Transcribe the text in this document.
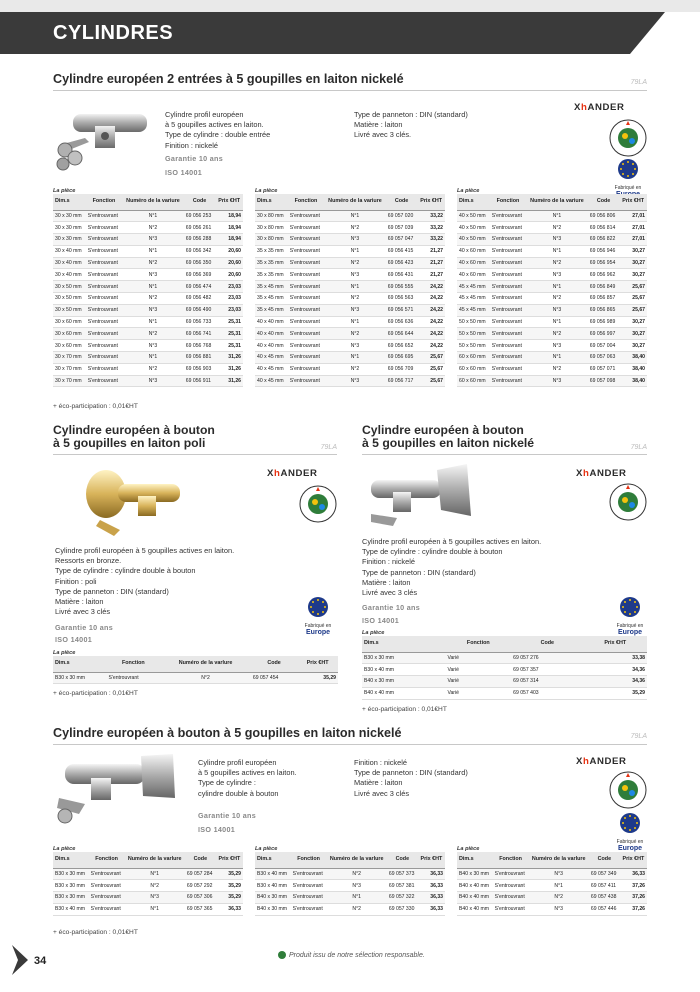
CYLINDRES
Cylindre européen 2 entrées à 5 goupilles en laiton nickelé	79LA
Cylindre profil européen
à 5 goupilles actives en laiton.
Type de cylindre : double entrée
Finition : nickelé
Garantie 10 ans
ISO 14001
Type de panneton : DIN (standard)
Matière : laiton
Livré avec 3 clés.
XhANDER
Fabriqué en
La pièce
Dim.s	Fonction	Numéro de la variure	Code	Prix €HT
30 x 30 mm	S'entrouvrant	N°1	69 056 253	18,94
30 x 30 mm	S'entrouvrant	N°2	69 056 261	18,94
30 x 30 mm	S'entrouvrant	N°3	69 056 288	18,94
30 x 40 mm	S'entrouvrant	N°1	69 056 342	20,60
30 x 40 mm	S'entrouvrant	N°2	69 056 350	20,60
30 x 40 mm	S'entrouvrant	N°3	69 056 369	20,60
30 x 50 mm	S'entrouvrant	N°1	69 056 474	23,03
30 x 50 mm	S'entrouvrant	N°2	69 056 482	23,03
30 x 50 mm	S'entrouvrant	N°3	69 056 490	23,03
30 x 60 mm	S'entrouvrant	N°1	69 056 733	25,31
30 x 60 mm	S'entrouvrant	N°2	69 056 741	25,31
30 x 60 mm	S'entrouvrant	N°3	69 056 768	25,31
30 x 70 mm	S'entrouvrant	N°1	69 056 881	31,26
30 x 70 mm	S'entrouvrant	N°2	69 056 903	31,26
30 x 70 mm	S'entrouvrant	N°3	69 056 911	31,26
La pièce
Dim.s	Fonction	Numéro de la variure	Code	Prix €HT
30 x 80 mm	S'entrouvrant	N°1	69 057 020	33,22
30 x 80 mm	S'entrouvrant	N°2	69 057 039	33,22
30 x 80 mm	S'entrouvrant	N°3	69 057 047	33,22
35 x 35 mm	S'entrouvrant	N°1	69 056 415	21,27
35 x 35 mm	S'entrouvrant	N°2	69 056 423	21,27
35 x 35 mm	S'entrouvrant	N°3	69 056 431	21,27
35 x 45 mm	S'entrouvrant	N°1	69 056 555	24,22
35 x 45 mm	S'entrouvrant	N°2	69 056 563	24,22
35 x 45 mm	S'entrouvrant	N°3	69 056 571	24,22
40 x 40 mm	S'entrouvrant	N°1	69 056 636	24,22
40 x 40 mm	S'entrouvrant	N°2	69 056 644	24,22
40 x 40 mm	S'entrouvrant	N°3	69 056 652	24,22
40 x 45 mm	S'entrouvrant	N°1	69 056 695	25,67
40 x 45 mm	S'entrouvrant	N°2	69 056 709	25,67
40 x 45 mm	S'entrouvrant	N°3	69 056 717	25,67
La pièce
Dim.s	Fonction	Numéro de la variure	Code	Prix €HT
40 x 50 mm	S'entrouvrant	N°1	69 056 806	27,01
40 x 50 mm	S'entrouvrant	N°2	69 056 814	27,01
40 x 50 mm	S'entrouvrant	N°3	69 056 822	27,01
40 x 60 mm	S'entrouvrant	N°1	69 056 946	30,27
40 x 60 mm	S'entrouvrant	N°2	69 056 954	30,27
40 x 60 mm	S'entrouvrant	N°3	69 056 962	30,27
45 x 45 mm	S'entrouvrant	N°1	69 056 849	25,67
45 x 45 mm	S'entrouvrant	N°2	69 056 857	25,67
45 x 45 mm	S'entrouvrant	N°3	69 056 865	25,67
50 x 50 mm	S'entrouvrant	N°1	69 056 989	30,27
50 x 50 mm	S'entrouvrant	N°2	69 056 997	30,27
50 x 50 mm	S'entrouvrant	N°3	69 057 004	30,27
60 x 60 mm	S'entrouvrant	N°1	69 057 063	38,40
60 x 60 mm	S'entrouvrant	N°2	69 057 071	38,40
60 x 60 mm	S'entrouvrant	N°3	69 057 098	38,40
+ éco-participation : 0,01€HT
Cylindre européen à bouton
à 5 goupilles en laiton poli	79LA
XhANDER
Cylindre profil européen à 5 goupilles actives en laiton.
Ressorts en bronze.
Type de cylindre : cylindre double à bouton
Finition : poli
Type de panneton : DIN (standard)
Matière : laiton
Livré avec 3 clés
Garantie 10 ans
ISO 14001
Fabriqué en
Europe
La pièce
Dim.s	Fonction	Numéro de la varlure	Code	Prix €HT
B30 x 30 mm	S'entrouvrant	N°2	69 057 454	35,29
+ éco-participation : 0,01€HT
Cylindre européen à bouton
à 5 goupilles en laiton nickelé	79LA
XhANDER
Cylindre profil européen à 5 goupilles actives en laiton.
Type de cylindre : cylindre double à bouton
Finition : nickelé
Type de panneton : DIN (standard)
Matière : laiton
Livré avec 3 clés
Garantie 10 ans
ISO 14001
Fabriqué en
Europe
La pièce
Dim.s	Fonction	Code	Prix €HT
B30 x 30 mm	Varié	69 057 276	33,38
B30 x 40 mm	Varié	69 057 357	34,36
B40 x 30 mm	Varié	69 057 314	34,36
B40 x 40 mm	Varié	69 057 403	35,29
+ éco-participation : 0,01€HT
Cylindre européen à bouton à 5 goupilles en laiton nickelé	79LA
Cylindre profil européen
à 5 goupilles actives en laiton.
Type de cylindre :
cylindre double à bouton
Garantie 10 ans
ISO 14001
Finition : nickelé
Type de panneton : DIN (standard)
Matière : laiton
Livré avec 3 clés
XhANDER
Fabriqué en
Europe
La pièce
Dim.s	Fonction	Numéro de la varlure	Code	Prix €HT
B30 x 30 mm	S'entrouvrant	N°1	69 057 284	35,29
B30 x 30 mm	S'entrouvrant	N°2	69 057 292	35,29
B30 x 30 mm	S'entrouvrant	N°3	69 057 306	35,29
B30 x 40 mm	S'entrouvrant	N°1	69 057 365	36,33
La pièce
Dim.s	Fonction	Numéro de la varlure	Code	Prix €HT
B30 x 40 mm	S'entrouvrant	N°2	69 057 373	36,33
B30 x 40 mm	S'entrouvrant	N°3	69 057 381	36,33
B40 x 30 mm	S'entrouvrant	N°1	69 057 322	36,33
B40 x 30 mm	S'entrouvrant	N°2	69 057 330	36,33
La pièce
Dim.s	Fonction	Numéro de la varlure	Code	Prix €HT
B40 x 30 mm	S'entrouvrant	N°3	69 057 349	36,33
B40 x 40 mm	S'entrouvrant	N°1	69 057 411	37,26
B40 x 40 mm	S'entrouvrant	N°2	69 057 438	37,26
B40 x 40 mm	S'entrouvrant	N°3	69 057 446	37,26
+ éco-participation : 0,01€HT
34	Produit issu de notre sélection responsable.
